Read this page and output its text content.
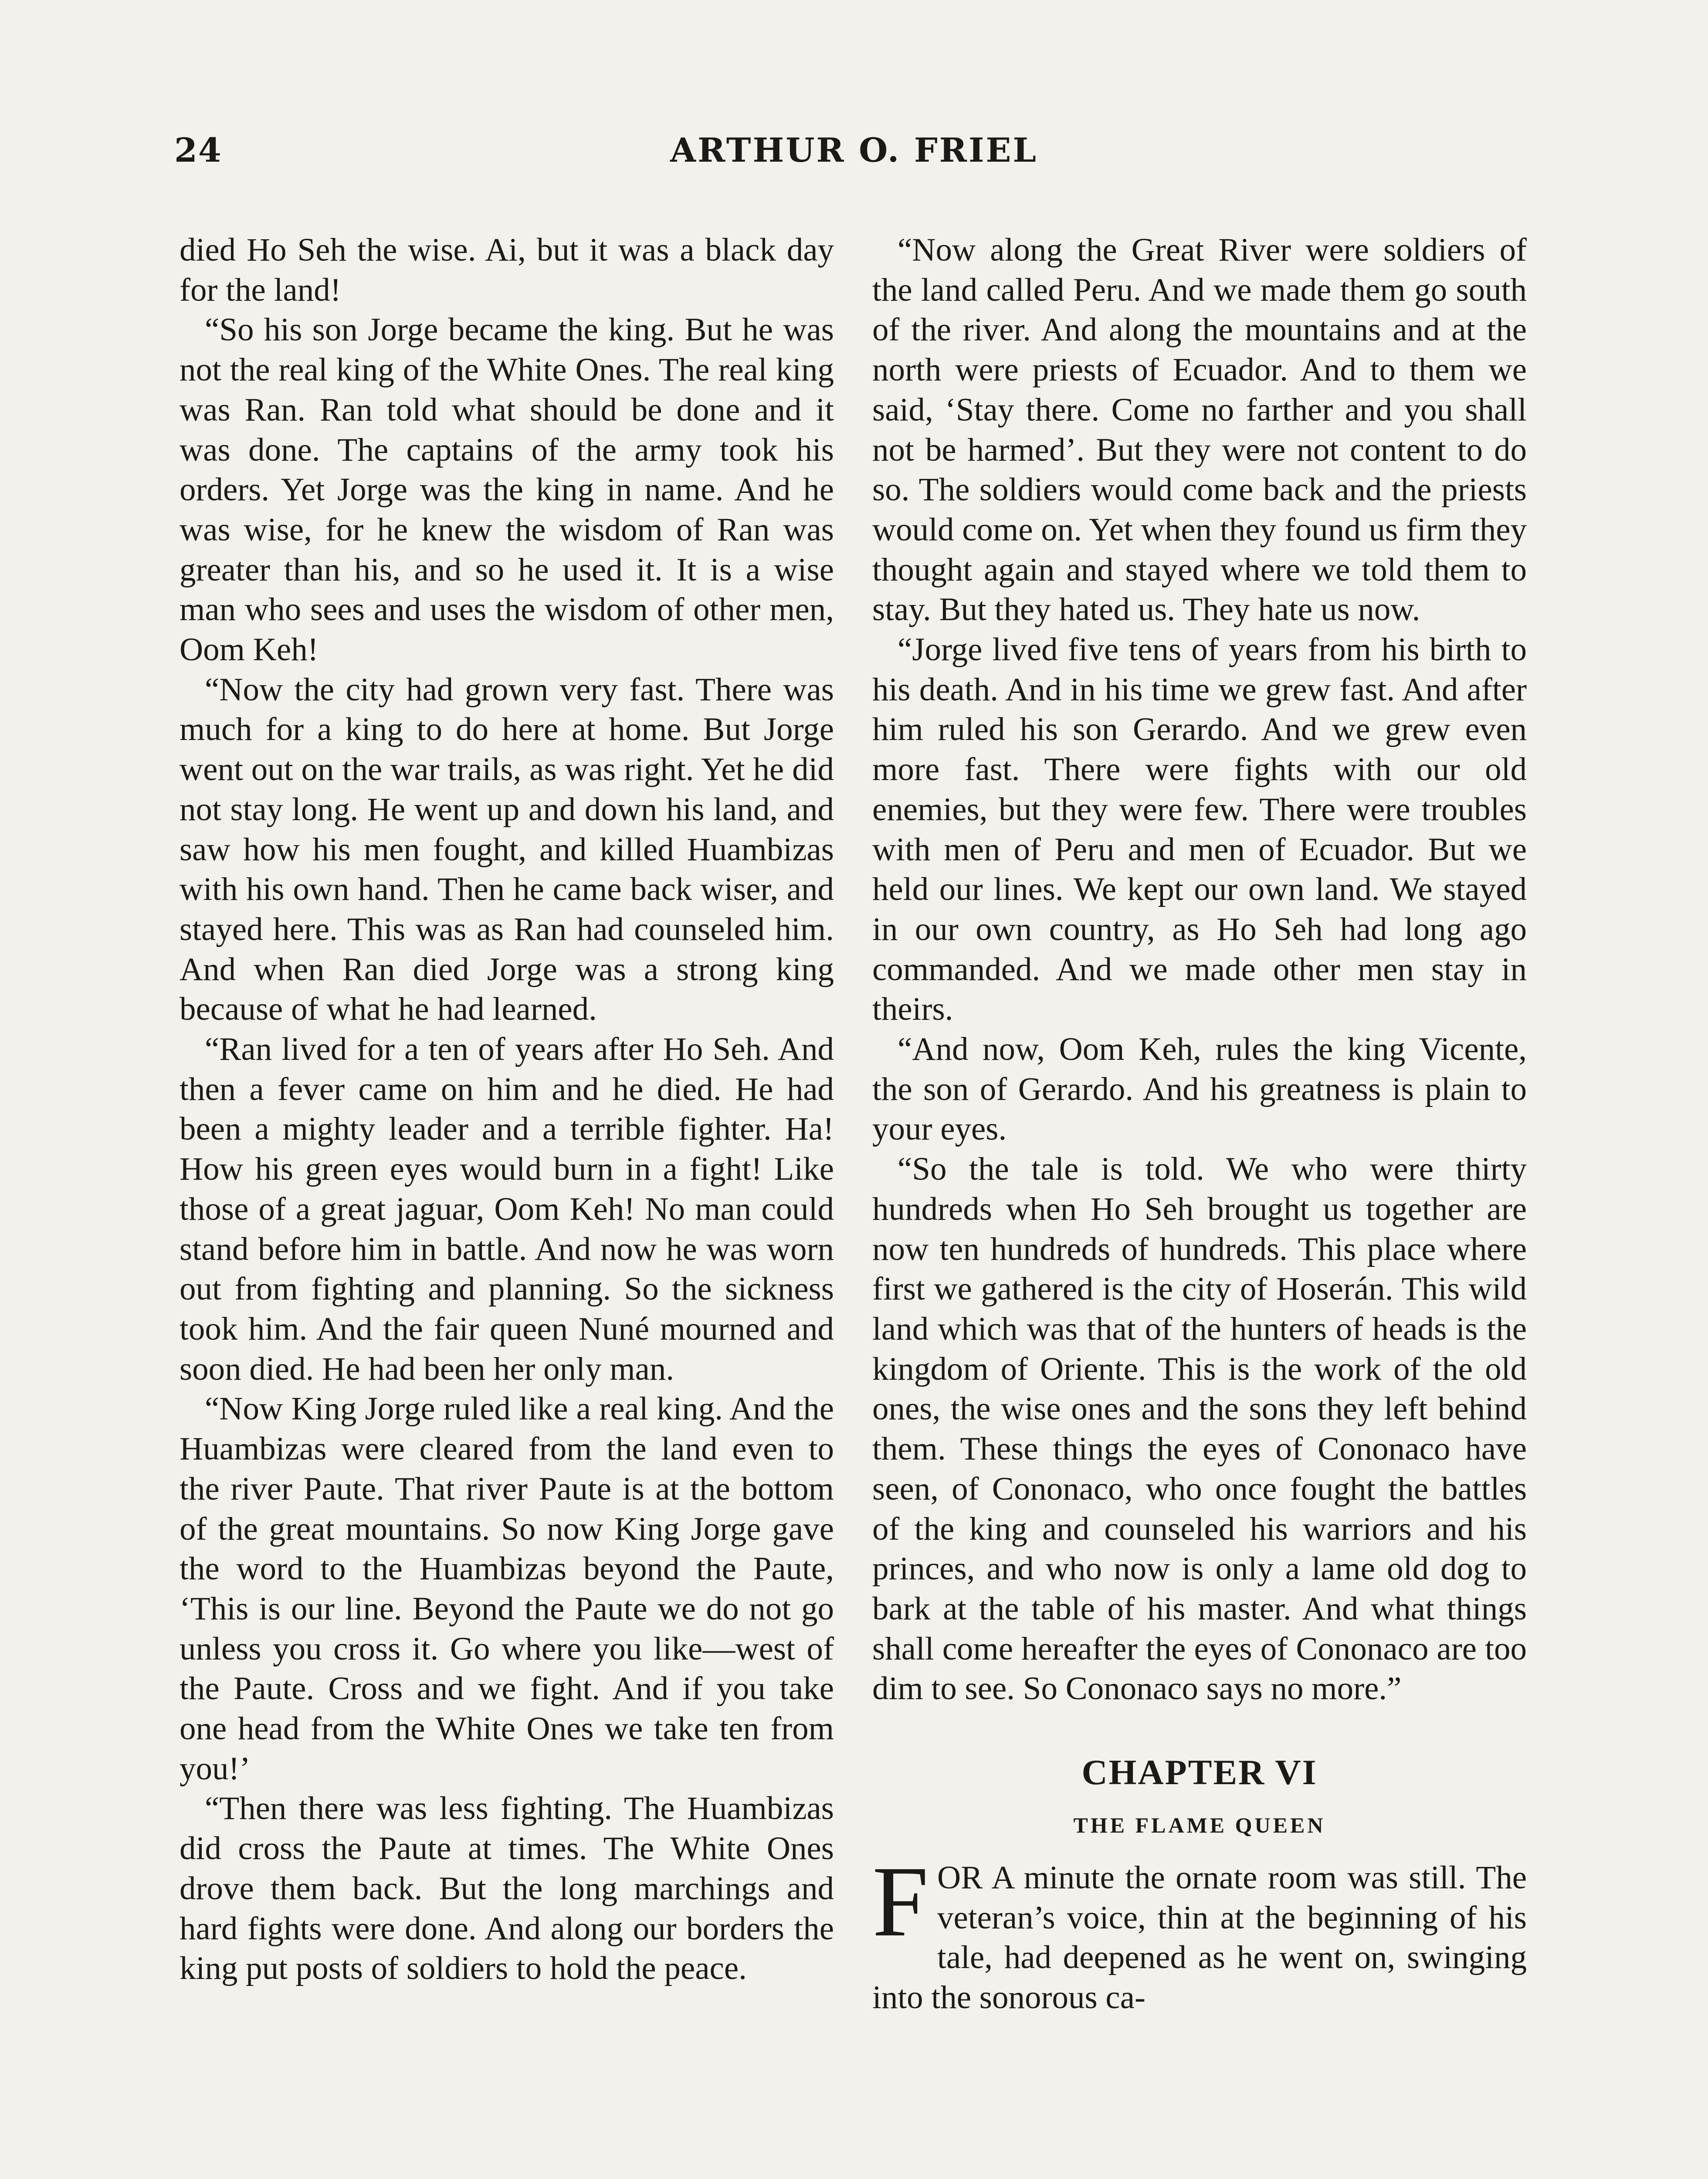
24	ARTHUR O. FRIEL

died Ho Seh the wise. Ai, but it was a black day for the land!

“So his son Jorge became the king. But he was not the real king of the White Ones. The real king was Ran. Ran told what should be done and it was done. The captains of the army took his orders. Yet Jorge was the king in name. And he was wise, for he knew the wisdom of Ran was greater than his, and so he used it. It is a wise man who sees and uses the wisdom of other men, Oom Keh!

“Now the city had grown very fast. There was much for a king to do here at home. But Jorge went out on the war trails, as was right. Yet he did not stay long. He went up and down his land, and saw how his men fought, and killed Huambizas with his own hand. Then he came back wiser, and stayed here. This was as Ran had counseled him. And when Ran died Jorge was a strong king because of what he had learned.

“Ran lived for a ten of years after Ho Seh. And then a fever came on him and he died. He had been a mighty leader and a terrible fighter. Ha! How his green eyes would burn in a fight! Like those of a great jaguar, Oom Keh! No man could stand before him in battle. And now he was worn out from fighting and planning. So the sickness took him. And the fair queen Nuné mourned and soon died. He had been her only man.

“Now King Jorge ruled like a real king. And the Huambizas were cleared from the land even to the river Paute. That river Paute is at the bottom of the great mountains. So now King Jorge gave the word to the Huambizas beyond the Paute, ‘This is our line. Beyond the Paute we do not go unless you cross it. Go where you like—west of the Paute. Cross and we fight. And if you take one head from the White Ones we take ten from you!’

“Then there was less fighting. The Huambizas did cross the Paute at times. The White Ones drove them back. But the long marchings and hard fights were done. And along our borders the king put posts of soldiers to hold the peace.

“Now along the Great River were soldiers of the land called Peru. And we made them go south of the river. And along the mountains and at the north were priests of Ecuador. And to them we said, ‘Stay there. Come no farther and you shall not be harmed’. But they were not content to do so. The soldiers would come back and the priests would come on. Yet when they found us firm they thought again and stayed where we told them to stay. But they hated us. They hate us now.

“Jorge lived five tens of years from his birth to his death. And in his time we grew fast. And after him ruled his son Gerardo. And we grew even more fast. There were fights with our old enemies, but they were few. There were troubles with men of Peru and men of Ecuador. But we held our lines. We kept our own land. We stayed in our own country, as Ho Seh had long ago commanded. And we made other men stay in theirs.

“And now, Oom Keh, rules the king Vicente, the son of Gerardo. And his greatness is plain to your eyes.

“So the tale is told. We who were thirty hundreds when Ho Seh brought us together are now ten hundreds of hundreds. This place where first we gathered is the city of Hoserán. This wild land which was that of the hunters of heads is the kingdom of Oriente. This is the work of the old ones, the wise ones and the sons they left behind them. These things the eyes of Cononaco have seen, of Cononaco, who once fought the battles of the king and counseled his warriors and his princes, and who now is only a lame old dog to bark at the table of his master. And what things shall come hereafter the eyes of Cononaco are too dim to see. So Cononaco says no more.”

CHAPTER VI
THE FLAME QUEEN

FOR A minute the ornate room was still. The veteran’s voice, thin at the beginning of his tale, had deepened as he went on, swinging into the sonorous ca-
